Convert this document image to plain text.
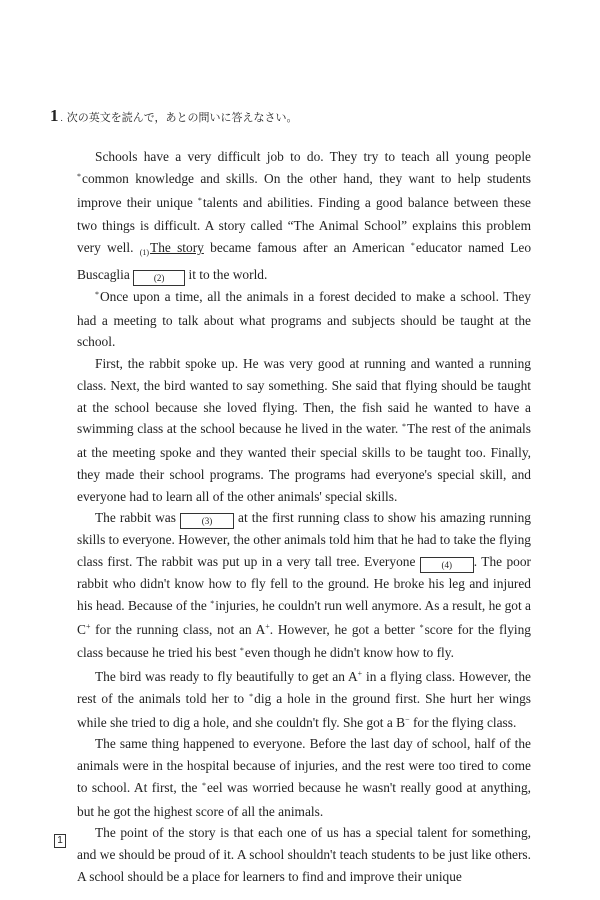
1 . 次の英文を読んで，あとの問いに答えなさい。

Schools have a very difficult job to do. They try to teach all young people *common knowledge and skills. On the other hand, they want to help students improve their unique *talents and abilities. Finding a good balance between these two things is difficult. A story called “The Animal School” explains this problem very well. $_{(1)}$The story became famous after an American *educator named Leo Buscaglia (2) it to the world.

*Once upon a time, all the animals in a forest decided to make a school. They had a meeting to talk about what programs and subjects should be taught at the school.

First, the rabbit spoke up. He was very good at running and wanted a running class. Next, the bird wanted to say something. She said that flying should be taught at the school because she loved flying. Then, the fish said he wanted to have a swimming class at the school because he lived in the water. *The rest of the animals at the meeting spoke and they wanted their special skills to be taught too. Finally, they made their school programs. The programs had everyone's special skill, and everyone had to learn all of the other animals' special skills.

The rabbit was (3) at the first running class to show his amazing running skills to everyone. However, the other animals told him that he had to take the flying class first. The rabbit was put up in a very tall tree. Everyone (4) . The poor rabbit who didn't know how to fly fell to the ground. He broke his leg and injured his head. Because of the *injuries, he couldn't run well anymore. As a result, he got a C+ for the running class, not an A+. However, he got a better *score for the flying class because he tried his best *even though he didn't know how to fly.

The bird was ready to fly beautifully to get an A+ in a flying class. However, the rest of the animals told her to *dig a hole in the ground first. She hurt her wings while she tried to dig a hole, and she couldn't fly. She got a B− for the flying class.

The same thing happened to everyone. Before the last day of school, half of the animals were in the hospital because of injuries, and the rest were too tired to come to school. At first, the *eel was worried because he wasn't really good at anything, but he got the highest score of all the animals.

The point of the story is that each one of us has a special talent for something, and we should be proud of it. A school shouldn't teach students to be just like others. A school should be a place for learners to find and improve their unique

1
